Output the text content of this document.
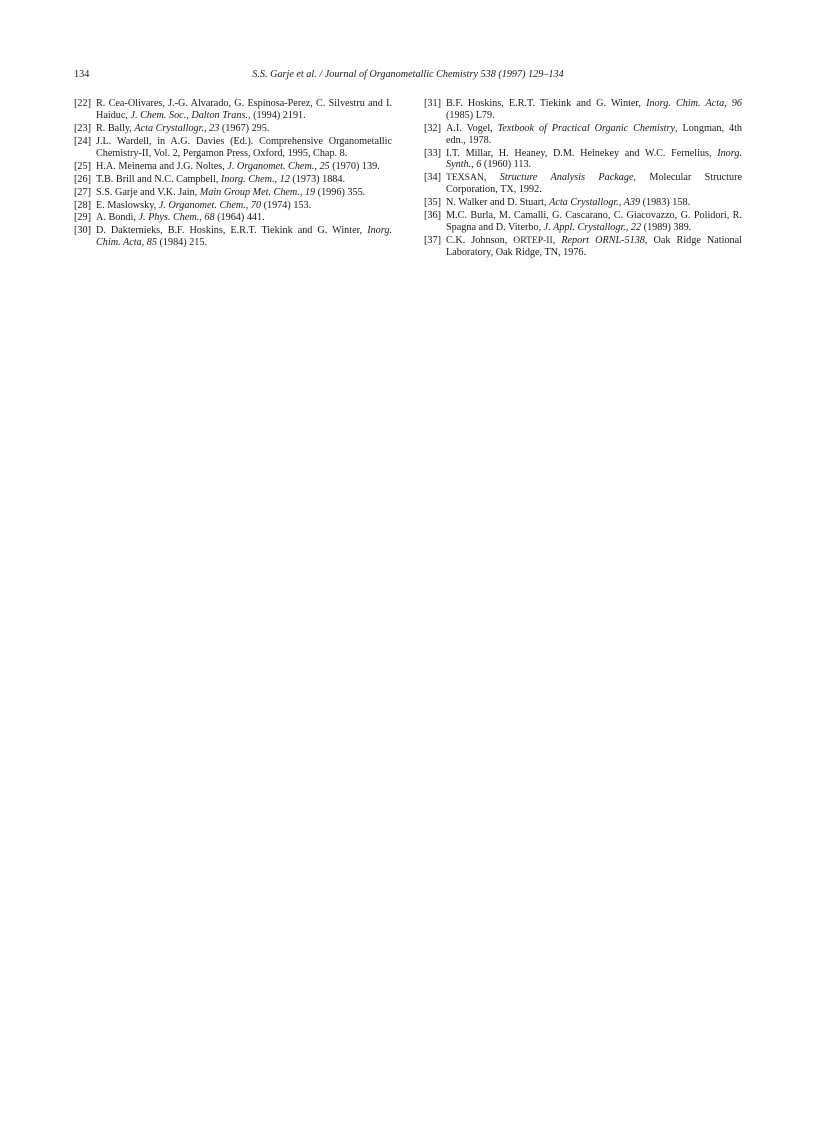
134	S.S. Garje et al. / Journal of Organometallic Chemistry 538 (1997) 129–134

[22] R. Cea-Olivares, J.-G. Alvarado, G. Espinosa-Perez, C. Silvestru and I. Haiduc, J. Chem. Soc., Dalton Trans., (1994) 2191.

[23] R. Bally, Acta Crystallogr., 23 (1967) 295.

[24] J.L. Wardell, in A.G. Davies (Ed.). Comprehensive Organometallic Chemistry-II, Vol. 2, Pergamon Press, Oxford, 1995, Chap. 8.

[25] H.A. Meinema and J.G. Noltes, J. Organomet. Chem., 25 (1970) 139.

[26] T.B. Brill and N.C. Campbell, Inorg. Chem., 12 (1973) 1884.

[27] S.S. Garje and V.K. Jain, Main Group Met. Chem., 19 (1996) 355.

[28] E. Maslowsky, J. Organomet. Chem., 70 (1974) 153.

[29] A. Bondi, J. Phys. Chem., 68 (1964) 441.

[30] D. Dakternieks, B.F. Hoskins, E.R.T. Tiekink and G. Winter, Inorg. Chim. Acta, 85 (1984) 215.

[31] B.F. Hoskins, E.R.T. Tiekink and G. Winter, Inorg. Chim. Acta, 96 (1985) L79.

[32] A.I. Vogel, Textbook of Practical Organic Chemistry, Longman, 4th edn., 1978.

[33] I.T. Millar, H. Heaney, D.M. Heinekey and W.C. Fernelius, Inorg. Synth., 6 (1960) 113.

[34] TEXSAN, Structure Analysis Package, Molecular Structure Corporation, TX, 1992.

[35] N. Walker and D. Stuart, Acta Crystallogr., A39 (1983) 158.

[36] M.C. Burla, M. Camalli, G. Cascarano, C. Giacovazzo, G. Polidori, R. Spagna and D. Viterbo, J. Appl. Crystallogr., 22 (1989) 389.

[37] C.K. Johnson, ORTEP-II, Report ORNL-5138, Oak Ridge National Laboratory, Oak Ridge, TN, 1976.
